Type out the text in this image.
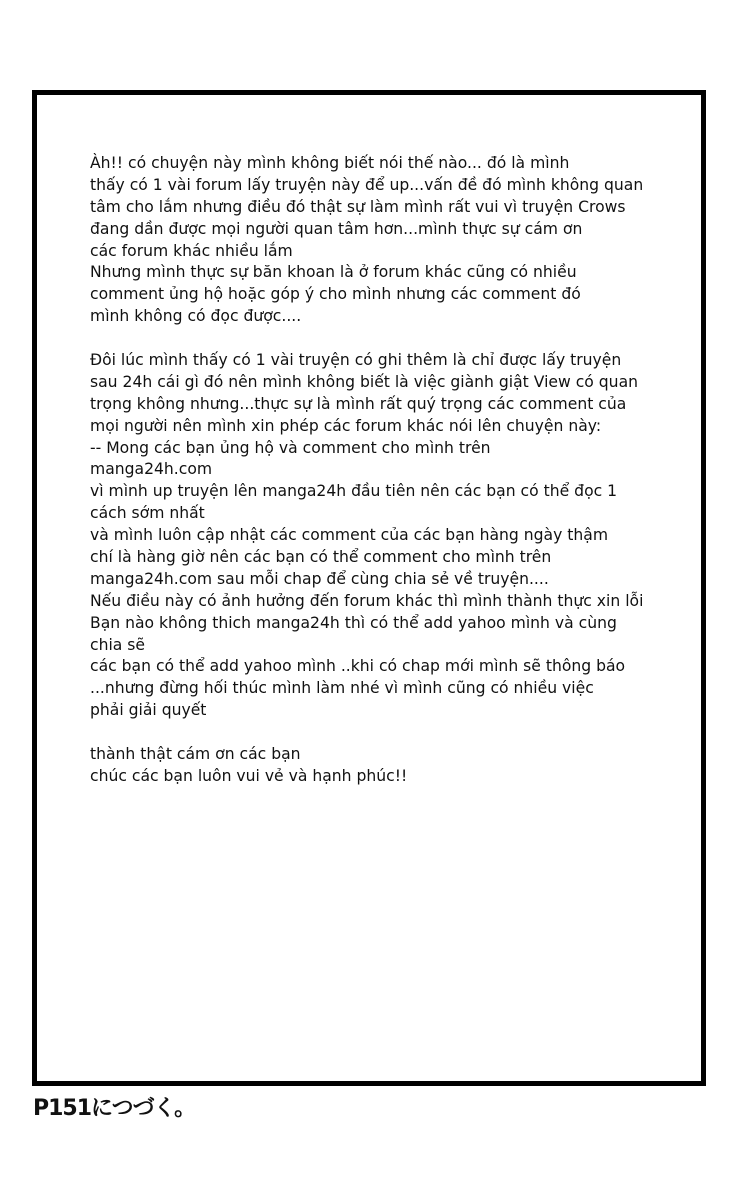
Àh!! có chuyện này mình không biết nói thế nào... đó là mình
thấy có 1 vài forum lấy truyện này để up...vấn đề đó mình không quan
tâm cho lắm nhưng điều đó thật sự làm mình rất vui vì truyện Crows
đang dần được mọi người quan tâm hơn...mình thực sự cám ơn
các forum khác nhiều lắm
Nhưng mình thực sự băn khoan là ở forum khác cũng có nhiều
comment ủng hộ hoặc góp ý cho mình nhưng các comment đó
mình không có đọc được....
Đôi lúc mình thấy có 1 vài truyện có ghi thêm là chỉ được lấy truyện
sau 24h cái gì đó nên mình không biết là việc giành giật View có quan
trọng không nhưng...thực sự là mình rất quý trọng các comment của
mọi người nên mình xin phép các forum khác nói lên chuyện này:
-- Mong các bạn ủng hộ và comment cho mình trên
manga24h.com
vì mình up truyện lên manga24h đầu tiên nên các bạn có thể đọc 1
cách sớm nhất
và mình luôn cập nhật các comment của các bạn hàng ngày thậm
chí là hàng giờ nên các bạn có thể comment cho mình trên
manga24h.com sau mỗi chap để cùng chia sẻ về truyện....
Nếu điều này có ảnh hưởng đến forum khác thì mình thành thực xin lỗi
Bạn nào không thich manga24h thì có thể add yahoo mình và cùng
chia sẽ
các bạn có thể add yahoo mình ..khi có chap mới mình sẽ thông báo
...nhưng đừng hối thúc mình làm nhé vì mình cũng có nhiều việc
phải giải quyết
thành thật cám ơn các bạn
chúc các bạn luôn vui vẻ và hạnh phúc!!
P151につづく。
